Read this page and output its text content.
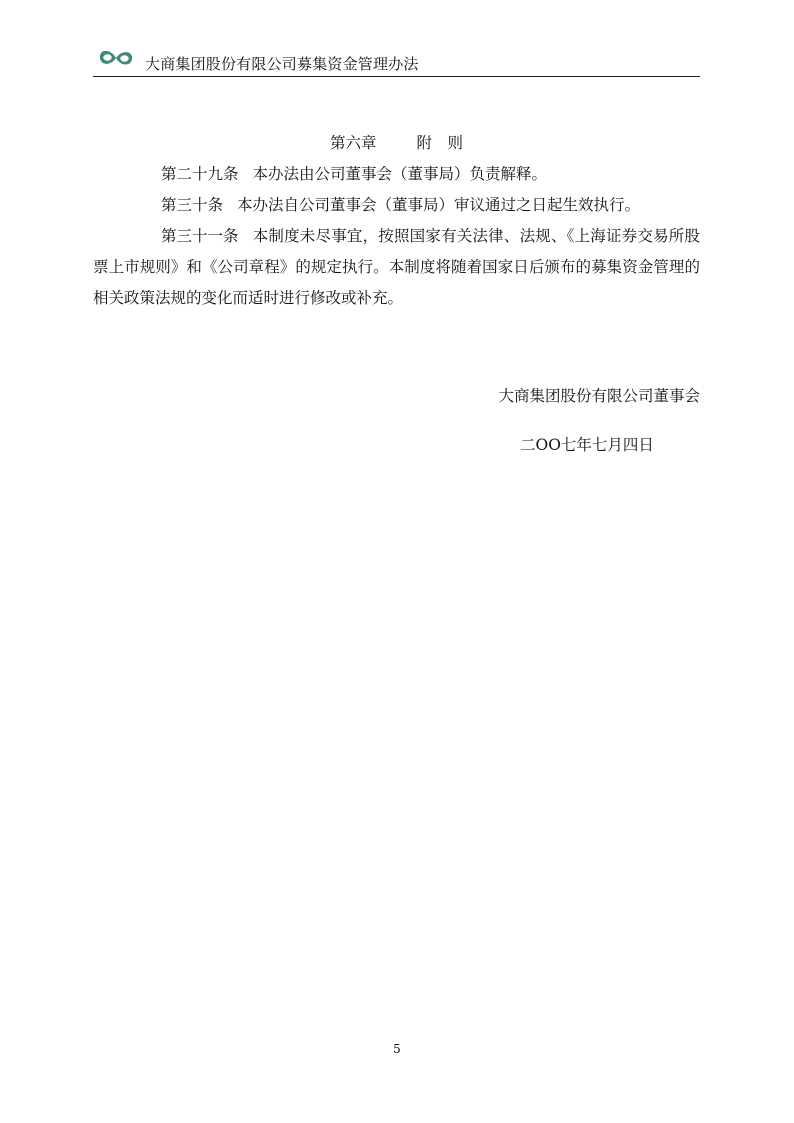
大商集团股份有限公司募集资金管理办法
第六章	附　则

第二十九条 本办法由公司董事会（董事局）负责解释。

第三十条 本办法自公司董事会（董事局）审议通过之日起生效执行。

第三十一条 本制度未尽事宜，按照国家有关法律、法规、《上海证券交易所股票上市规则》和《公司章程》的规定执行。本制度将随着国家日后颁布的募集资金管理的相关政策法规的变化而适时进行修改或补充。

大商集团股份有限公司董事会
二OO七年七月四日
5
